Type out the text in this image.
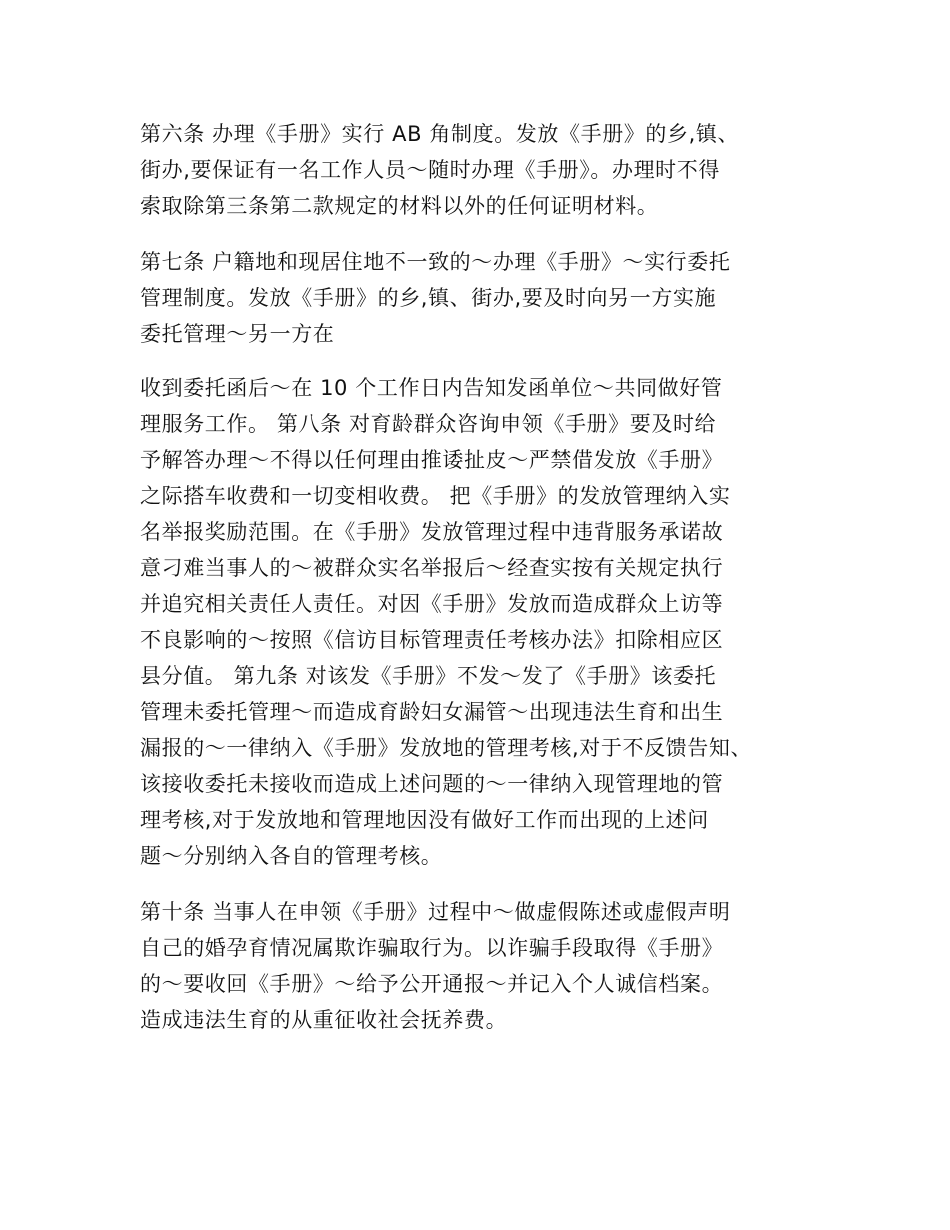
第六条 办理《手册》实行 AB 角制度。发放《手册》的乡,镇、
街办,要保证有一名工作人员～随时办理《手册》。办理时不得
索取除第三条第二款规定的材料以外的任何证明材料。

第七条 户籍地和现居住地不一致的～办理《手册》～实行委托
管理制度。发放《手册》的乡,镇、街办,要及时向另一方实施
委托管理～另一方在

收到委托函后～在 10 个工作日内告知发函单位～共同做好管
理服务工作。 第八条 对育龄群众咨询申领《手册》要及时给
予解答办理～不得以任何理由推诿扯皮～严禁借发放《手册》
之际搭车收费和一切变相收费。 把《手册》的发放管理纳入实
名举报奖励范围。在《手册》发放管理过程中违背服务承诺故
意刁难当事人的～被群众实名举报后～经查实按有关规定执行
并追究相关责任人责任。对因《手册》发放而造成群众上访等
不良影响的～按照《信访目标管理责任考核办法》扣除相应区
县分值。 第九条 对该发《手册》不发～发了《手册》该委托
管理未委托管理～而造成育龄妇女漏管～出现违法生育和出生
漏报的～一律纳入《手册》发放地的管理考核,对于不反馈告知、
该接收委托未接收而造成上述问题的～一律纳入现管理地的管
理考核,对于发放地和管理地因没有做好工作而出现的上述问
题～分别纳入各自的管理考核。

第十条 当事人在申领《手册》过程中～做虚假陈述或虚假声明
自己的婚孕育情况属欺诈骗取行为。以诈骗手段取得《手册》
的～要收回《手册》～给予公开通报～并记入个人诚信档案。
造成违法生育的从重征收社会抚养费。
